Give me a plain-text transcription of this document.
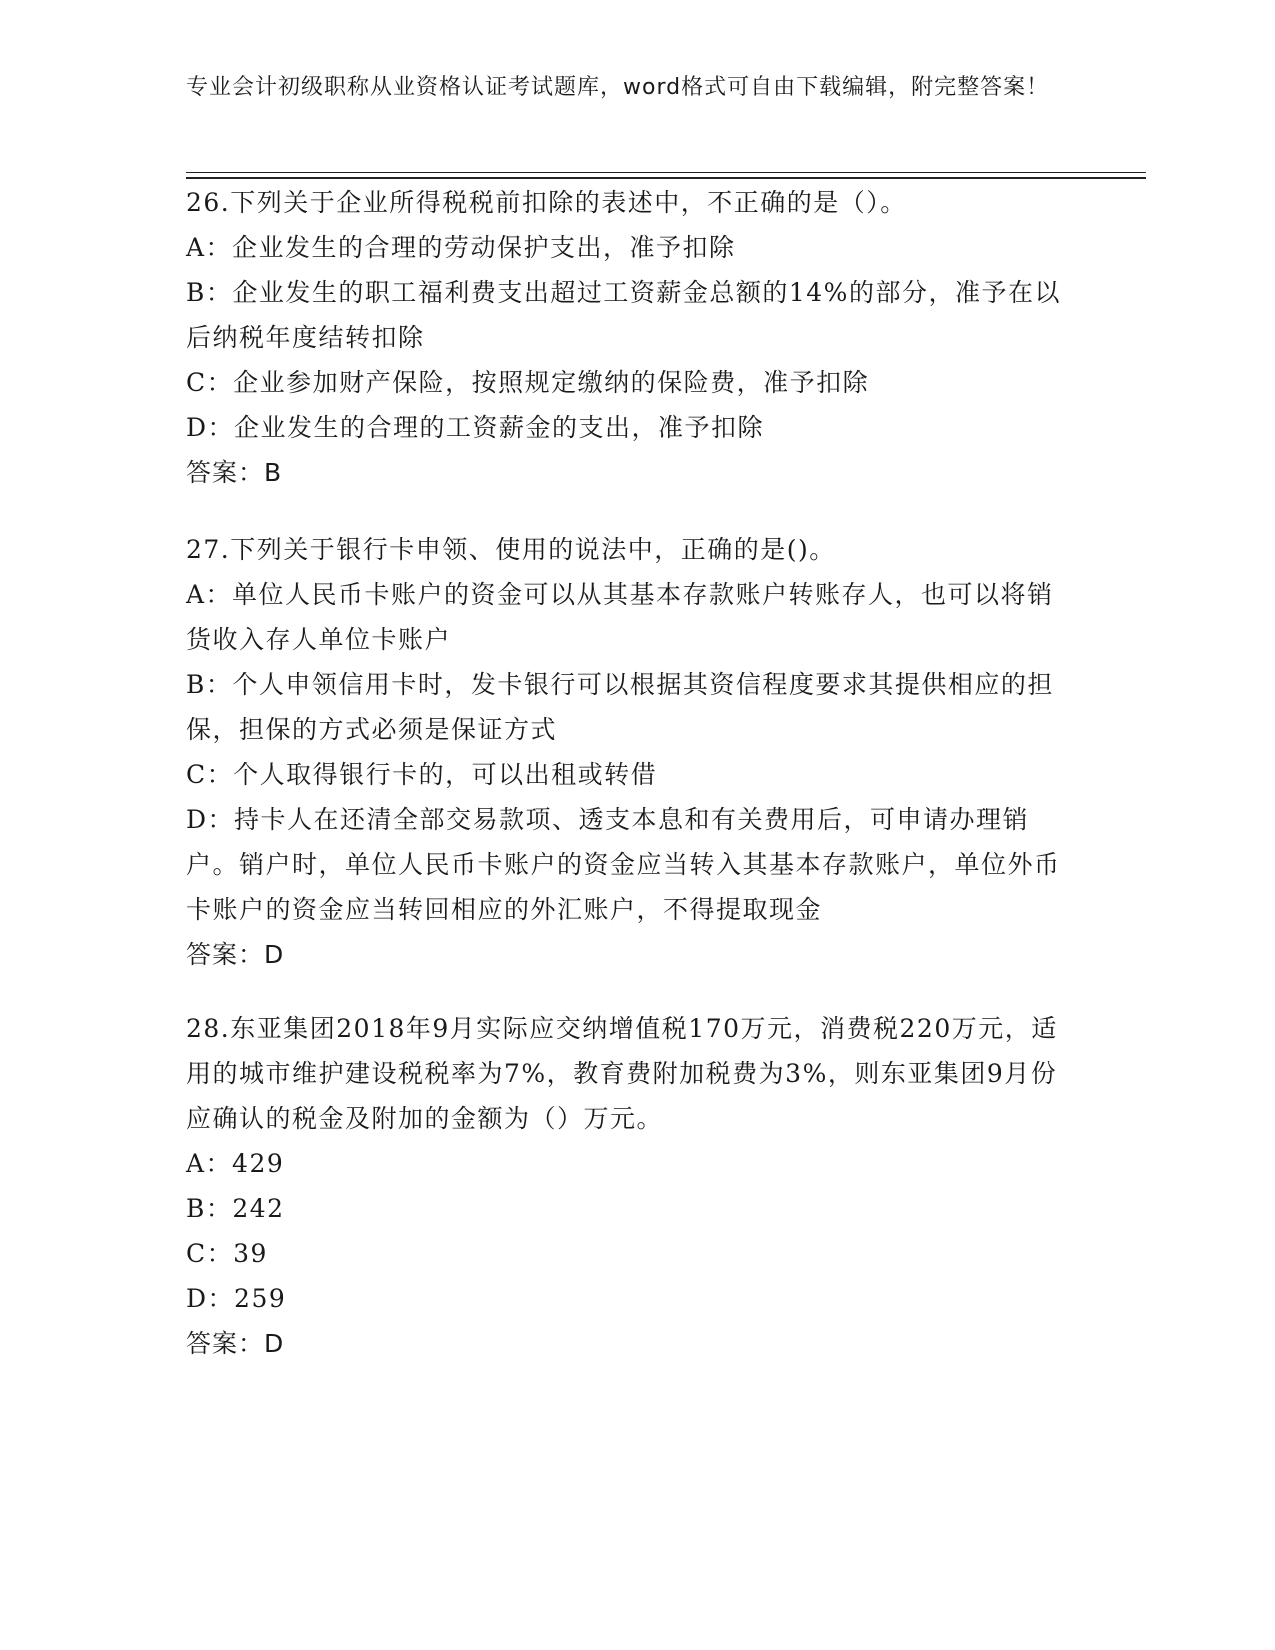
专业会计初级职称从业资格认证考试题库，word格式可自由下载编辑，附完整答案！
26.下列关于企业所得税税前扣除的表述中，不正确的是（）。
A：企业发生的合理的劳动保护支出，准予扣除
B：企业发生的职工福利费支出超过工资薪金总额的14%的部分，准予在以后纳税年度结转扣除
C：企业参加财产保险，按照规定缴纳的保险费，准予扣除
D：企业发生的合理的工资薪金的支出，准予扣除
答案：B
27.下列关于银行卡申领、使用的说法中，正确的是()。
A：单位人民币卡账户的资金可以从其基本存款账户转账存人，也可以将销货收入存人单位卡账户
B：个人申领信用卡时，发卡银行可以根据其资信程度要求其提供相应的担保，担保的方式必须是保证方式
C：个人取得银行卡的，可以出租或转借
D：持卡人在还清全部交易款项、透支本息和有关费用后，可申请办理销户。销户时，单位人民币卡账户的资金应当转入其基本存款账户，单位外币卡账户的资金应当转回相应的外汇账户，不得提取现金
答案：D
28.东亚集团2018年9月实际应交纳增值税170万元，消费税220万元，适用的城市维护建设税税率为7%，教育费附加税费为3%，则东亚集团9月份应确认的税金及附加的金额为（）万元。
A：429
B：242
C：39
D：259
答案：D
